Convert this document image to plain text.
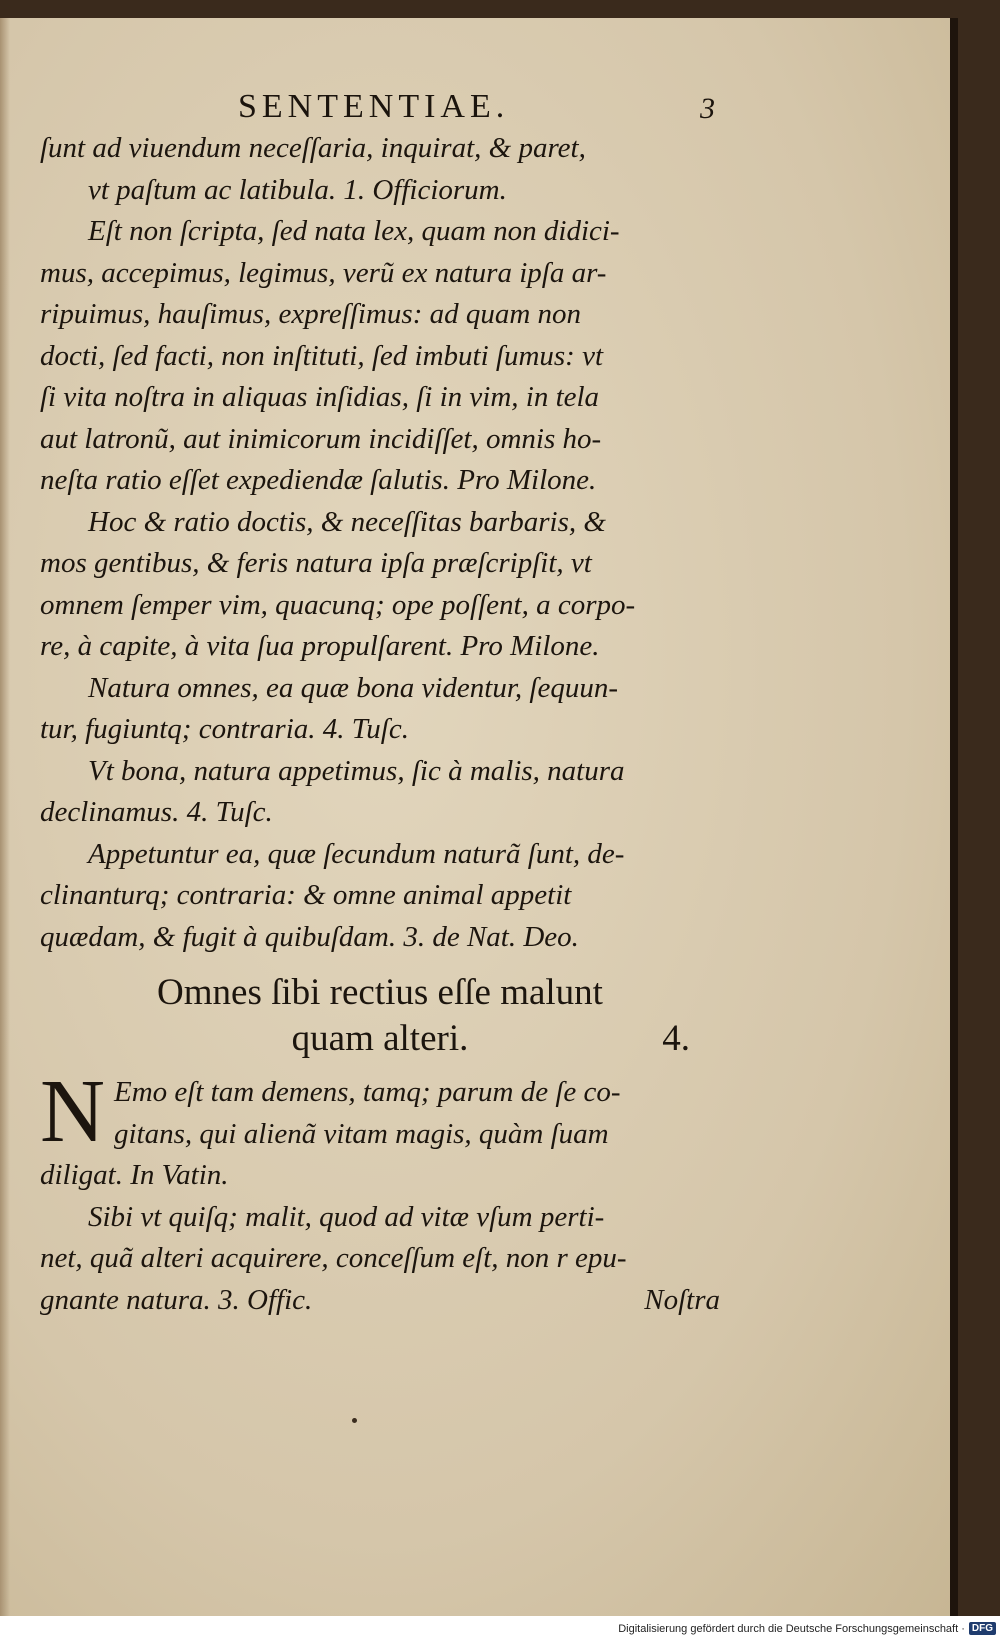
SENTENTIAE.	3
ſunt ad viuendum neceſſaria, inquirat, & paret,
vt paſtum ac latibula. 1. Officiorum.
Eſt non ſcripta, ſed nata lex, quam non didici-
mus, accepimus, legimus, verũ ex natura ipſa ar-
ripuimus, hauſimus, expreſſimus: ad quam non
docti, ſed facti, non inſtituti, ſed imbuti ſumus: vt
ſi vita noſtra in aliquas inſidias, ſi in vim, in tela
aut latronũ, aut inimicorum incidiſſet, omnis ho-
neſta ratio eſſet expediendæ ſalutis. Pro Milone.
Hoc & ratio doctis, & neceſſitas barbaris, &
mos gentibus, & feris natura ipſa præſcripſit, vt
omnem ſemper vim, quacunq; ope poſſent, a corpo-
re, à capite, à vita ſua propulſarent. Pro Milone.
Natura omnes, ea quæ bona videntur, ſequun-
tur, fugiuntq; contraria. 4. Tuſc.
Vt bona, natura appetimus, ſic à malis, natura
declinamus. 4. Tuſc.
Appetuntur ea, quæ ſecundum naturã ſunt, de-
clinanturq; contraria: & omne animal appetit
quædam, & fugit à quibuſdam. 3. de Nat. Deo.
Omnes ſibi rectius eſſe malunt
quam alteri.	4.
N Emo eſt tam demens, tamq; parum de ſe co-
gitans, qui alienã vitam magis, quàm ſuam
diligat. In Vatin.
Sibi vt quiſq; malit, quod ad vitæ vſum perti-
net, quã alteri acquirere, conceſſum eſt, non r epu-
gnante natura. 3. Offic.	Noſtra
Digitalisierung gefördert durch die Deutsche Forschungsgemeinschaft · DFG
